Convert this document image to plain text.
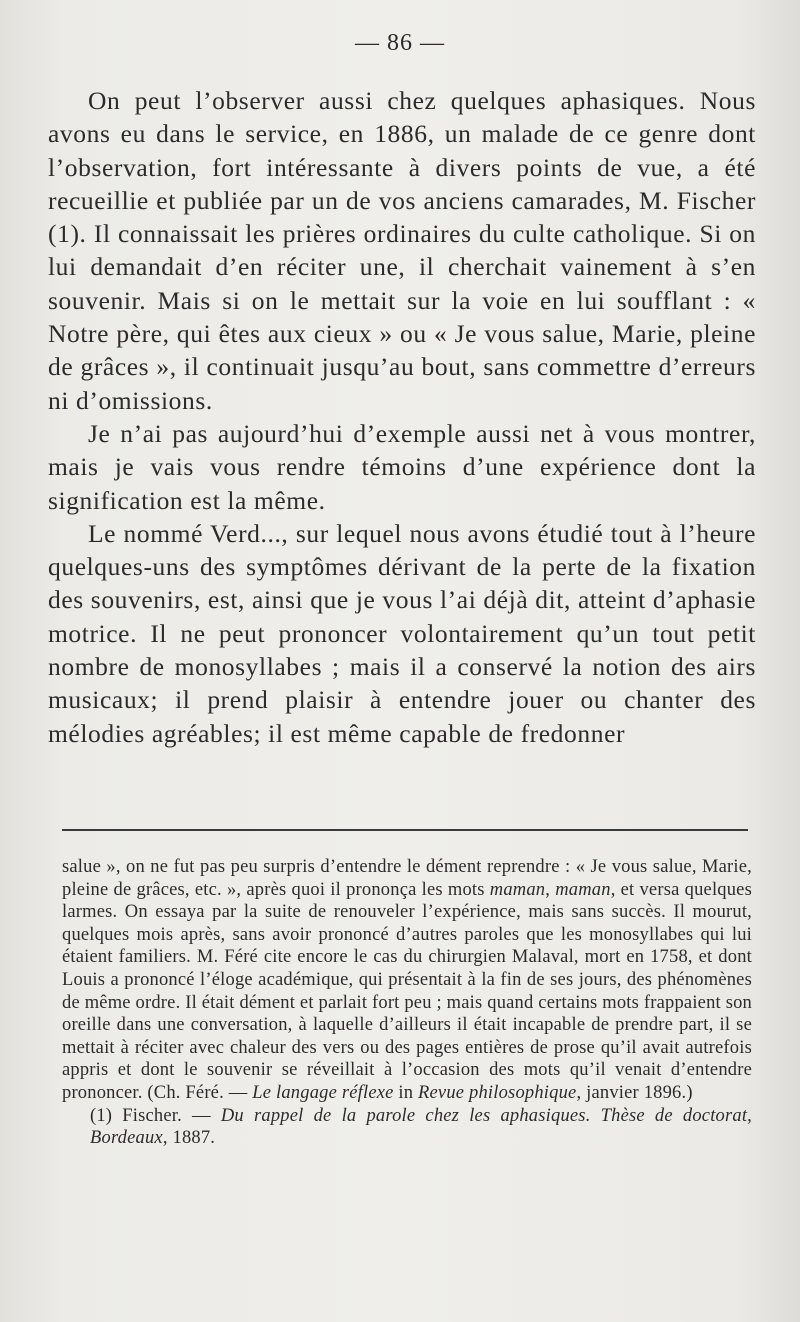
— 86 —

On peut l’observer aussi chez quelques aphasiques. Nous avons eu dans le service, en 1886, un malade de ce genre dont l’observation, fort intéressante à divers points de vue, a été recueillie et publiée par un de vos anciens camarades, M. Fischer (1). Il connaissait les prières ordinaires du culte catholique. Si on lui demandait d’en réciter une, il cherchait vainement à s’en souvenir. Mais si on le mettait sur la voie en lui soufflant : « Notre père, qui êtes aux cieux » ou « Je vous salue, Marie, pleine de grâces », il continuait jusqu’au bout, sans commettre d’erreurs ni d’omissions.

Je n’ai pas aujourd’hui d’exemple aussi net à vous montrer, mais je vais vous rendre témoins d’une expérience dont la signification est la même.

Le nommé Verd..., sur lequel nous avons étudié tout à l’heure quelques-uns des symptômes dérivant de la perte de la fixation des souvenirs, est, ainsi que je vous l’ai déjà dit, atteint d’aphasie motrice. Il ne peut prononcer volontairement qu’un tout petit nombre de monosyllabes ; mais il a conservé la notion des airs musicaux; il prend plaisir à entendre jouer ou chanter des mélodies agréables; il est même capable de fredonner

salue », on ne fut pas peu surpris d’entendre le dément reprendre : « Je vous salue, Marie, pleine de grâces, etc. », après quoi il prononça les mots maman, maman, et versa quelques larmes. On essaya par la suite de renouveler l’expérience, mais sans succès. Il mourut, quelques mois après, sans avoir prononcé d’autres paroles que les monosyllabes qui lui étaient familiers. M. Féré cite encore le cas du chirurgien Malaval, mort en 1758, et dont Louis a prononcé l’éloge académique, qui présentait à la fin de ses jours, des phénomènes de même ordre. Il était dément et parlait fort peu ; mais quand certains mots frappaient son oreille dans une conversation, à laquelle d’ailleurs il était incapable de prendre part, il se mettait à réciter avec chaleur des vers ou des pages entières de prose qu’il avait autrefois appris et dont le souvenir se réveillait à l’occasion des mots qu’il venait d’entendre prononcer. (Ch. Féré. — Le langage réflexe in Revue philosophique, janvier 1896.)

(1) Fischer. — Du rappel de la parole chez les aphasiques. Thèse de doctorat, Bordeaux, 1887.
